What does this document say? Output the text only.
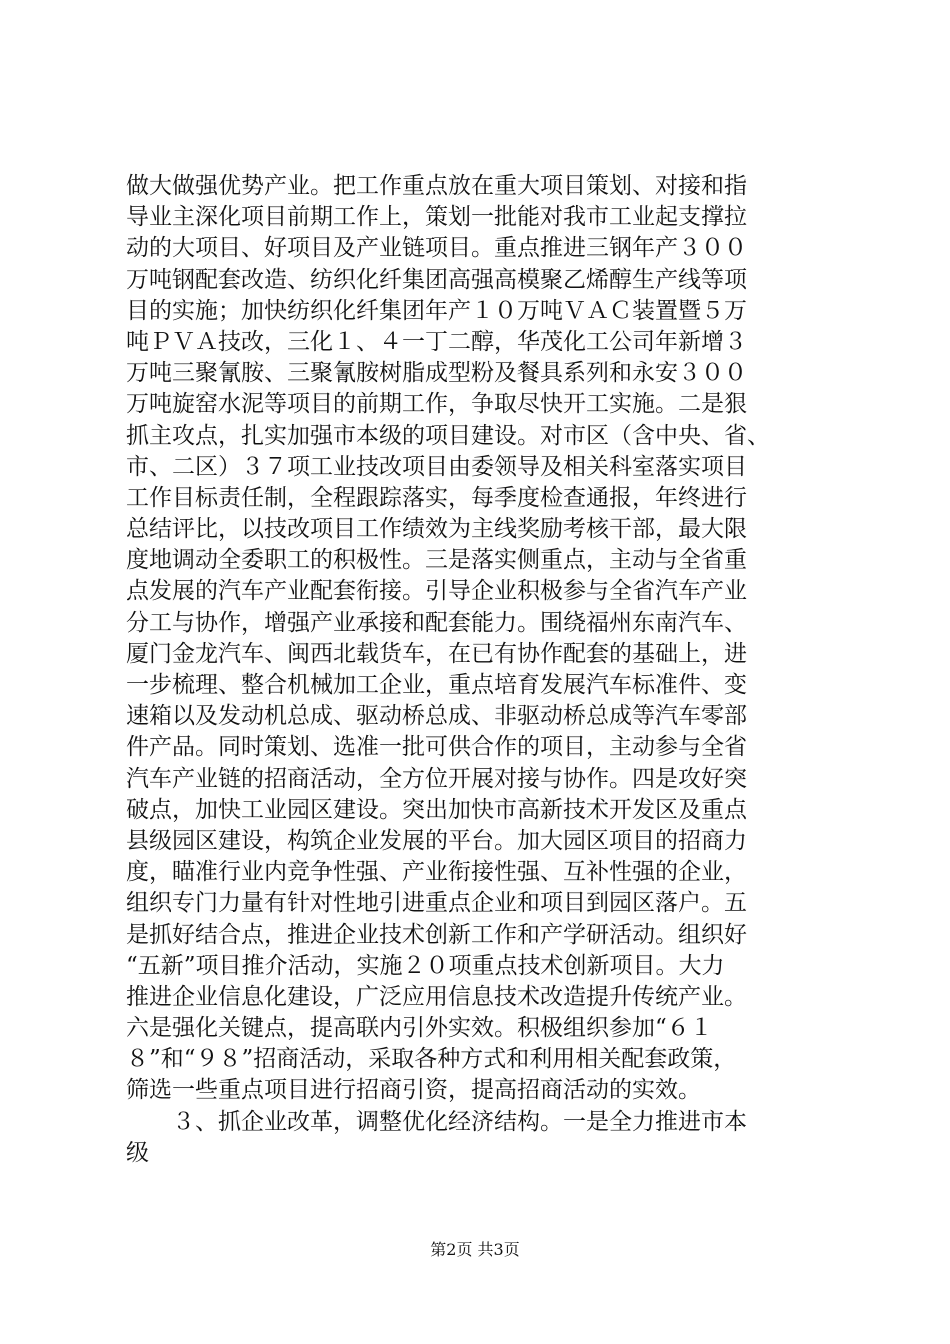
做大做强优势产业。把工作重点放在重大项目策划、对接和指
导业主深化项目前期工作上，策划一批能对我市工业起支撑拉
动的大项目、好项目及产业链项目。重点推进三钢年产３００
万吨钢配套改造、纺织化纤集团高强高模聚乙烯醇生产线等项
目的实施；加快纺织化纤集团年产１０万吨ＶＡＣ装置暨５万
吨ＰＶＡ技改，三化１、４一丁二醇，华茂化工公司年新增３
万吨三聚氰胺、三聚氰胺树脂成型粉及餐具系列和永安３００
万吨旋窑水泥等项目的前期工作，争取尽快开工实施。二是狠
抓主攻点，扎实加强市本级的项目建设。对市区（含中央、省、
市、二区）３７项工业技改项目由委领导及相关科室落实项目
工作目标责任制，全程跟踪落实，每季度检查通报，年终进行
总结评比，以技改项目工作绩效为主线奖励考核干部，最大限
度地调动全委职工的积极性。三是落实侧重点，主动与全省重
点发展的汽车产业配套衔接。引导企业积极参与全省汽车产业
分工与协作，增强产业承接和配套能力。围绕福州东南汽车、
厦门金龙汽车、闽西北载货车，在已有协作配套的基础上，进
一步梳理、整合机械加工企业，重点培育发展汽车标准件、变
速箱以及发动机总成、驱动桥总成、非驱动桥总成等汽车零部
件产品。同时策划、选准一批可供合作的项目，主动参与全省
汽车产业链的招商活动，全方位开展对接与协作。四是攻好突
破点，加快工业园区建设。突出加快市高新技术开发区及重点
县级园区建设，构筑企业发展的平台。加大园区项目的招商力
度，瞄准行业内竞争性强、产业衔接性强、互补性强的企业，
组织专门力量有针对性地引进重点企业和项目到园区落户。五
是抓好结合点，推进企业技术创新工作和产学研活动。组织好
“五新”项目推介活动，实施２０项重点技术创新项目。大力
推进企业信息化建设，广泛应用信息技术改造提升传统产业。
六是强化关键点，提高联内引外实效。积极组织参加“６１
８”和“９８”招商活动，采取各种方式和利用相关配套政策，
筛选一些重点项目进行招商引资，提高招商活动的实效。
　　３、抓企业改革，调整优化经济结构。一是全力推进市本
级
第2页 共3页
